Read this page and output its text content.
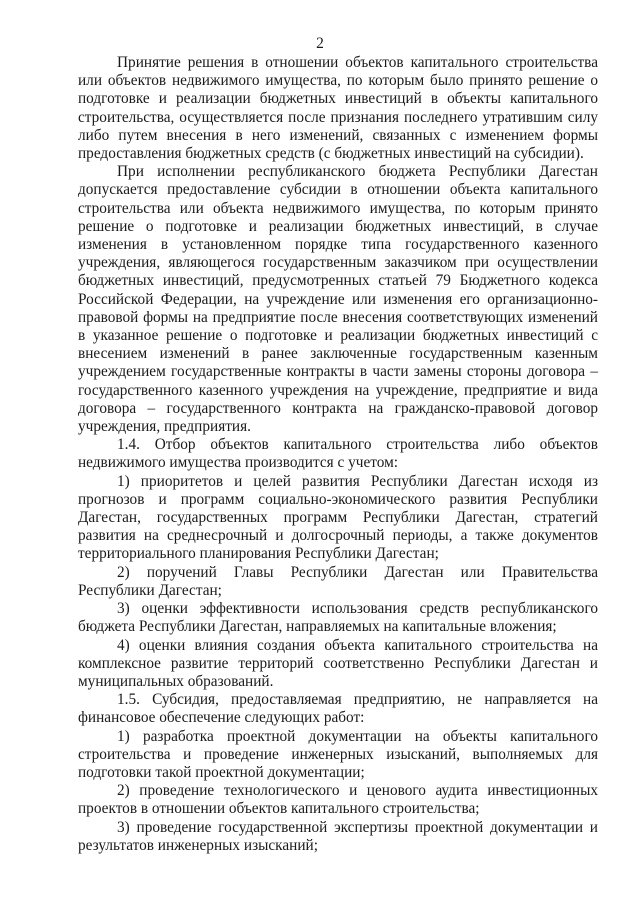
2

Принятие решения в отношении объектов капитального строительства или объектов недвижимого имущества, по которым было принято решение о подготовке и реализации бюджетных инвестиций в объекты капитального строительства, осуществляется после признания последнего утратившим силу либо путем внесения в него изменений, связанных с изменением формы предоставления бюджетных средств (с бюджетных инвестиций на субсидии).

При исполнении республиканского бюджета Республики Дагестан допускается предоставление субсидии в отношении объекта капитального строительства или объекта недвижимого имущества, по которым принято решение о подготовке и реализации бюджетных инвестиций, в случае изменения в установленном порядке типа государственного казенного учреждения, являющегося государственным заказчиком при осуществлении бюджетных инвестиций, предусмотренных статьей 79 Бюджетного кодекса Российской Федерации, на учреждение или изменения его организационно-правовой формы на предприятие после внесения соответствующих изменений в указанное решение о подготовке и реализации бюджетных инвестиций с внесением изменений в ранее заключенные государственным казенным учреждением государственные контракты в части замены стороны договора – государственного казенного учреждения на учреждение, предприятие и вида договора – государственного контракта на гражданско-правовой договор учреждения, предприятия.

1.4. Отбор объектов капитального строительства либо объектов недвижимого имущества производится с учетом:

1) приоритетов и целей развития Республики Дагестан исходя из прогнозов и программ социально-экономического развития Республики Дагестан, государственных программ Республики Дагестан, стратегий развития на среднесрочный и долгосрочный периоды, а также документов территориального планирования Республики Дагестан;

2) поручений Главы Республики Дагестан или Правительства Республики Дагестан;

3) оценки эффективности использования средств республиканского бюджета Республики Дагестан, направляемых на капитальные вложения;

4) оценки влияния создания объекта капитального строительства на комплексное развитие территорий соответственно Республики Дагестан и муниципальных образований.

1.5. Субсидия, предоставляемая предприятию, не направляется на финансовое обеспечение следующих работ:

1) разработка проектной документации на объекты капитального строительства и проведение инженерных изысканий, выполняемых для подготовки такой проектной документации;

2) проведение технологического и ценового аудита инвестиционных проектов в отношении объектов капитального строительства;

3) проведение государственной экспертизы проектной документации и результатов инженерных изысканий;
